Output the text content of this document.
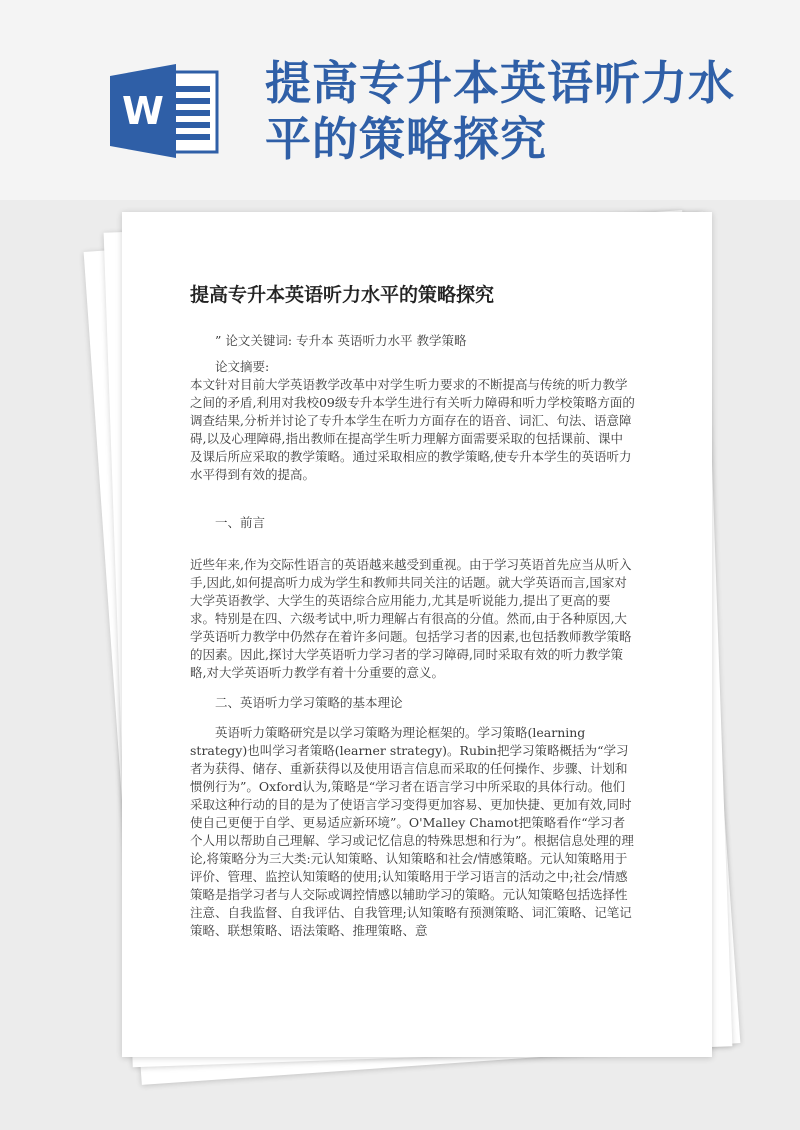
W
提高专升本英语听力水平的策略探究
提高专升本英语听力水平的策略探究
” 论文关键词: 专升本 英语听力水平 教学策略
论文摘要:
本文针对目前大学英语教学改革中对学生听力要求的不断提高与传统的听力教学之间的矛盾,利用对我校09级专升本学生进行有关听力障碍和听力学校策略方面的调查结果,分析并讨论了专升本学生在听力方面存在的语音、词汇、句法、语意障碍,以及心理障碍,指出教师在提高学生听力理解方面需要采取的包括课前、课中及课后所应采取的教学策略。通过采取相应的教学策略,使专升本学生的英语听力水平得到有效的提高。
一、前言
近些年来,作为交际性语言的英语越来越受到重视。由于学习英语首先应当从听入手,因此,如何提高听力成为学生和教师共同关注的话题。就大学英语而言,国家对大学英语教学、大学生的英语综合应用能力,尤其是听说能力,提出了更高的要求。特别是在四、六级考试中,听力理解占有很高的分值。然而,由于各种原因,大学英语听力教学中仍然存在着许多问题。包括学习者的因素,也包括教师教学策略的因素。因此,探讨大学英语听力学习者的学习障碍,同时采取有效的听力教学策略,对大学英语听力教学有着十分重要的意义。
二、英语听力学习策略的基本理论
英语听力策略研究是以学习策略为理论框架的。学习策略(learning strategy)也叫学习者策略(learner strategy)。Rubin把学习策略概括为“学习者为获得、储存、重新获得以及使用语言信息而采取的任何操作、步骤、计划和惯例行为”。Oxford认为,策略是“学习者在语言学习中所采取的具体行动。他们采取这种行动的目的是为了使语言学习变得更加容易、更加快捷、更加有效,同时使自己更便于自学、更易适应新环境”。O'Malley Chamot把策略看作“学习者个人用以帮助自己理解、学习或记忆信息的特殊思想和行为”。根据信息处理的理论,将策略分为三大类:元认知策略、认知策略和社会/情感策略。元认知策略用于评价、管理、监控认知策略的使用;认知策略用于学习语言的活动之中;社会/情感策略是指学习者与人交际或调控情感以辅助学习的策略。元认知策略包括选择性注意、自我监督、自我评估、自我管理;认知策略有预测策略、词汇策略、记笔记策略、联想策略、语法策略、推理策略、意
